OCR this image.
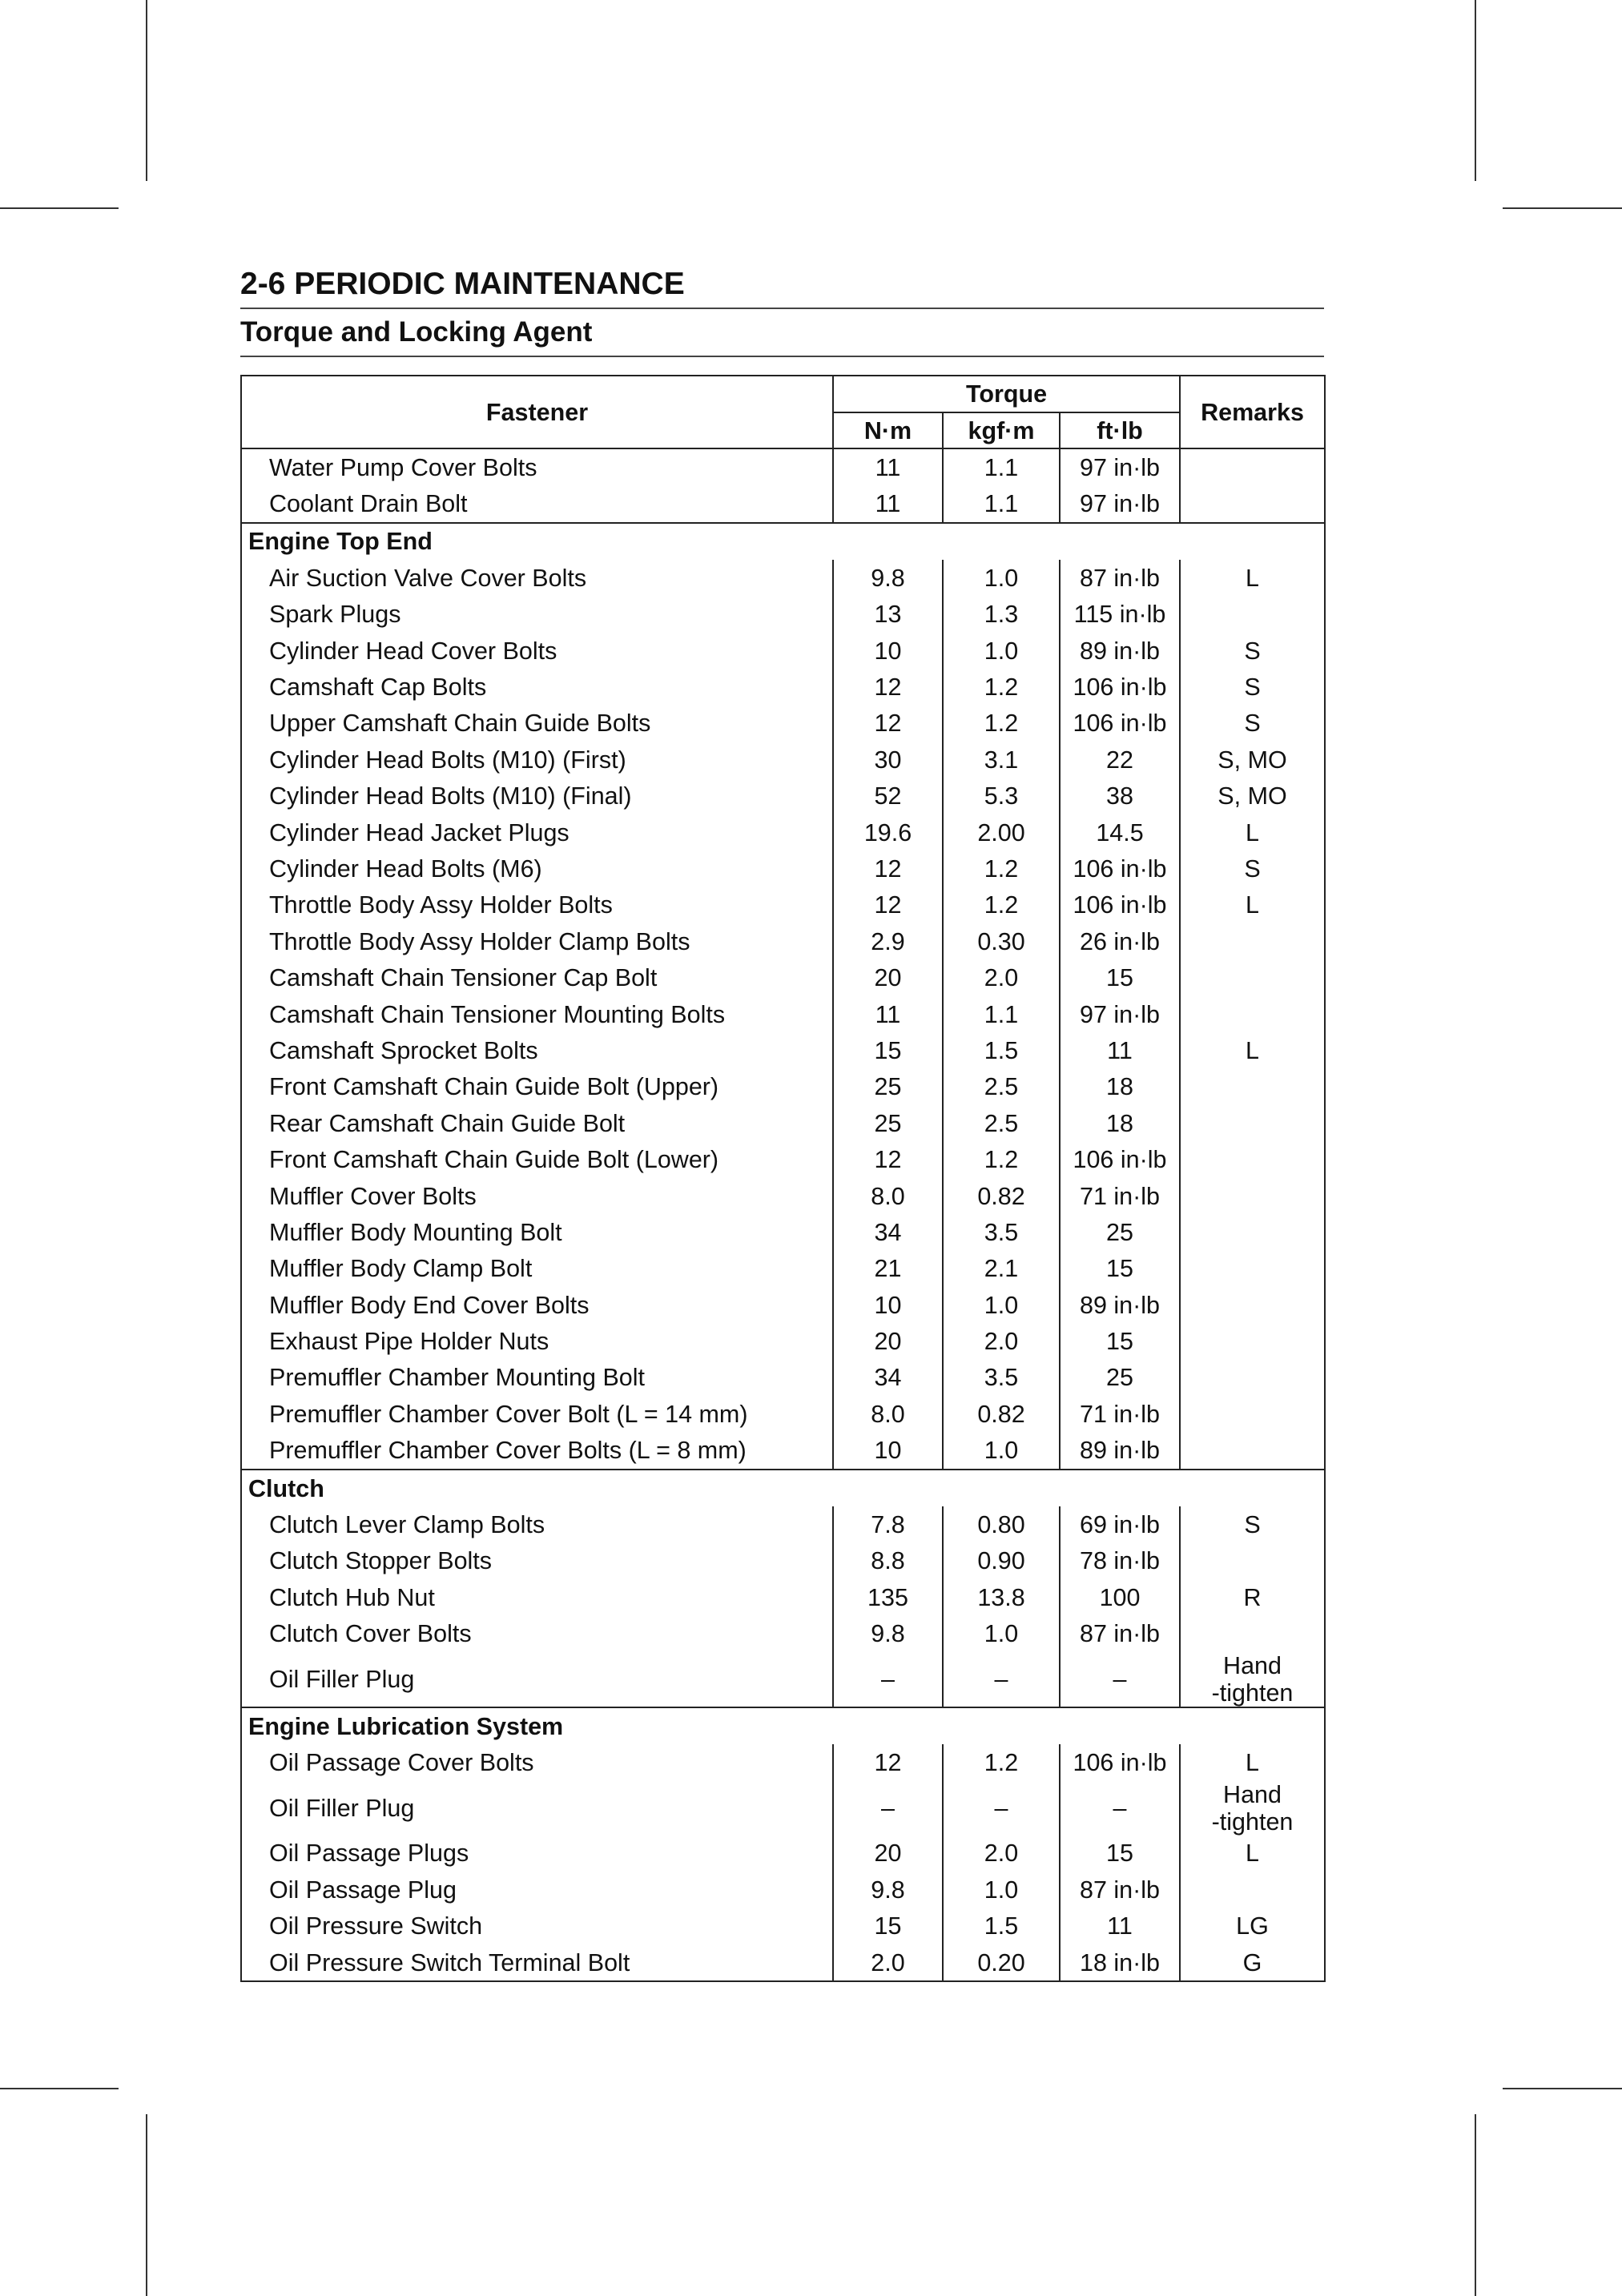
2-6 PERIODIC MAINTENANCE
Torque and Locking Agent
Fastener	Torque			Remarks
	N·m	kgf·m	ft·lb	
Water Pump Cover Bolts	11	1.1	97 in·lb	
Coolant Drain Bolt	11	1.1	97 in·lb	
Engine Top End				
Air Suction Valve Cover Bolts	9.8	1.0	87 in·lb	L
Spark Plugs	13	1.3	115 in·lb	
Cylinder Head Cover Bolts	10	1.0	89 in·lb	S
Camshaft Cap Bolts	12	1.2	106 in·lb	S
Upper Camshaft Chain Guide Bolts	12	1.2	106 in·lb	S
Cylinder Head Bolts (M10) (First)	30	3.1	22	S, MO
Cylinder Head Bolts (M10) (Final)	52	5.3	38	S, MO
Cylinder Head Jacket Plugs	19.6	2.00	14.5	L
Cylinder Head Bolts (M6)	12	1.2	106 in·lb	S
Throttle Body Assy Holder Bolts	12	1.2	106 in·lb	L
Throttle Body Assy Holder Clamp Bolts	2.9	0.30	26 in·lb	
Camshaft Chain Tensioner Cap Bolt	20	2.0	15	
Camshaft Chain Tensioner Mounting Bolts	11	1.1	97 in·lb	
Camshaft Sprocket Bolts	15	1.5	11	L
Front Camshaft Chain Guide Bolt (Upper)	25	2.5	18	
Rear Camshaft Chain Guide Bolt	25	2.5	18	
Front Camshaft Chain Guide Bolt (Lower)	12	1.2	106 in·lb	
Muffler Cover Bolts	8.0	0.82	71 in·lb	
Muffler Body Mounting Bolt	34	3.5	25	
Muffler Body Clamp Bolt	21	2.1	15	
Muffler Body End Cover Bolts	10	1.0	89 in·lb	
Exhaust Pipe Holder Nuts	20	2.0	15	
Premuffler Chamber Mounting Bolt	34	3.5	25	
Premuffler Chamber Cover Bolt (L = 14 mm)	8.0	0.82	71 in·lb	
Premuffler Chamber Cover Bolts (L = 8 mm)	10	1.0	89 in·lb	
Clutch				
Clutch Lever Clamp Bolts	7.8	0.80	69 in·lb	S
Clutch Stopper Bolts	8.8	0.90	78 in·lb	
Clutch Hub Nut	135	13.8	100	R
Clutch Cover Bolts	9.8	1.0	87 in·lb	
Oil Filler Plug	–	–	–	Hand
-tighten
Engine Lubrication System				
Oil Passage Cover Bolts	12	1.2	106 in·lb	L
Oil Filler Plug	–	–	–	Hand
-tighten
Oil Passage Plugs	20	2.0	15	L
Oil Passage Plug	9.8	1.0	87 in·lb	
Oil Pressure Switch	15	1.5	11	LG
Oil Pressure Switch Terminal Bolt	2.0	0.20	18 in·lb	G
